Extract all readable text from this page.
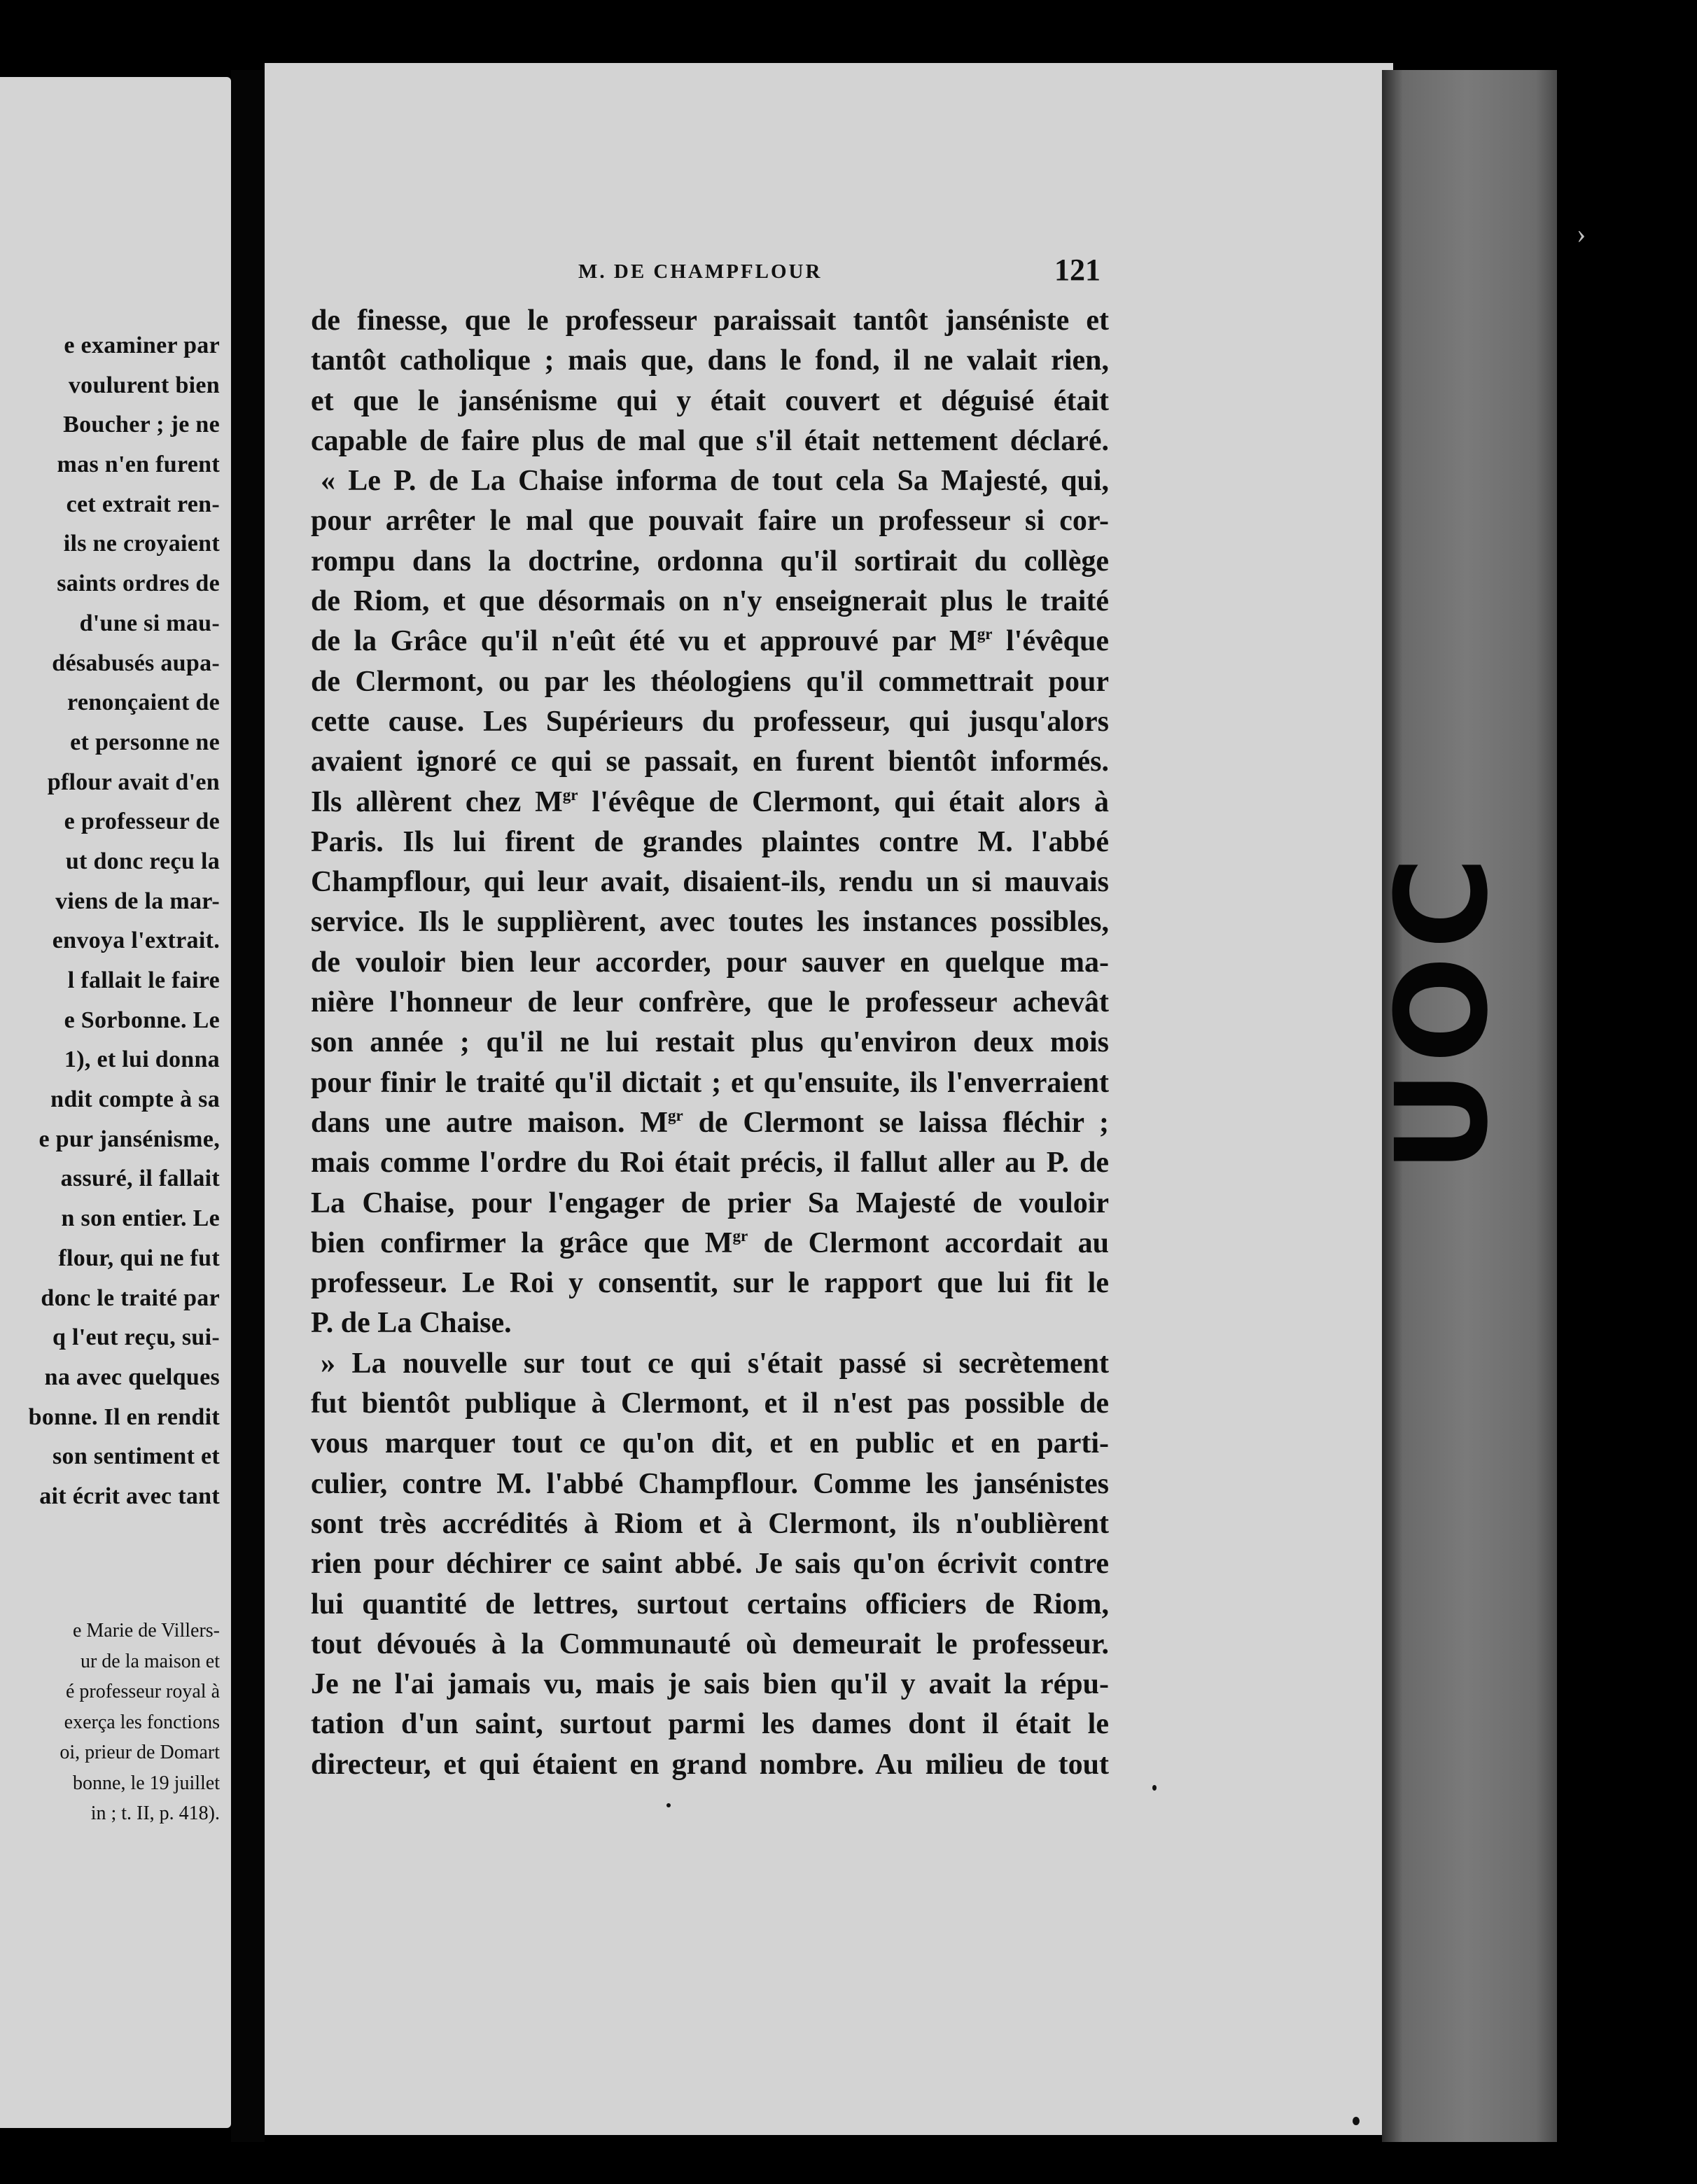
e examiner par
voulurent bien
Boucher ; je ne
mas n'en furent
cet extrait ren-
ils ne croyaient
saints ordres de
d'une si mau-
désabusés aupa-
renonçaient de
et personne ne
pflour avait d'en
e professeur de
ut donc reçu la
viens de la mar-
envoya l'extrait.
l fallait le faire
e Sorbonne. Le
1), et lui donna
ndit compte à sa
e pur jansénisme,
assuré, il fallait
n son entier. Le
flour, qui ne fut
donc le traité par
q l'eut reçu, sui-
na avec quelques
bonne. Il en rendit
son sentiment et
ait écrit avec tant
e Marie de Villers-
ur de la maison et
é professeur royal à
exerça les fonctions
oi, prieur de Domart
bonne, le 19 juillet
in ; t. II, p. 418).
M. DE CHAMPFLOUR	121
de finesse, que le professeur paraissait tantôt janséniste et
tantôt catholique ; mais que, dans le fond, il ne valait rien,
et que le jansénisme qui y était couvert et déguisé était
capable de faire plus de mal que s'il était nettement déclaré.
« Le P. de La Chaise informa de tout cela Sa Majesté, qui,
pour arrêter le mal que pouvait faire un professeur si cor-
rompu dans la doctrine, ordonna qu'il sortirait du collège
de Riom, et que désormais on n'y enseignerait plus le traité
de la Grâce qu'il n'eût été vu et approuvé par $M^{gr}$ l'évêque
de Clermont, ou par les théologiens qu'il commettrait pour
cette cause. Les Supérieurs du professeur, qui jusqu'alors
avaient ignoré ce qui se passait, en furent bientôt informés.
Ils allèrent chez $M^{gr}$ l'évêque de Clermont, qui était alors à
Paris. Ils lui firent de grandes plaintes contre M. l'abbé
Champflour, qui leur avait, disaient-ils, rendu un si mauvais
service. Ils le supplièrent, avec toutes les instances possibles,
de vouloir bien leur accorder, pour sauver en quelque ma-
nière l'honneur de leur confrère, que le professeur achevât
son année ; qu'il ne lui restait plus qu'environ deux mois
pour finir le traité qu'il dictait ; et qu'ensuite, ils l'enverraient
dans une autre maison. $M^{gr}$ de Clermont se laissa fléchir ;
mais comme l'ordre du Roi était précis, il fallut aller au P. de
La Chaise, pour l'engager de prier Sa Majesté de vouloir
bien confirmer la grâce que $M^{gr}$ de Clermont accordait au
professeur. Le Roi y consentit, sur le rapport que lui fit le
P. de La Chaise.
» La nouvelle sur tout ce qui s'était passé si secrètement
fut bientôt publique à Clermont, et il n'est pas possible de
vous marquer tout ce qu'on dit, et en public et en parti-
culier, contre M. l'abbé Champflour. Comme les jansénistes
sont très accrédités à Riom et à Clermont, ils n'oublièrent
rien pour déchirer ce saint abbé. Je sais qu'on écrivit contre
lui quantité de lettres, surtout certains officiers de Riom,
tout dévoués à la Communauté où demeurait le professeur.
Je ne l'ai jamais vu, mais je sais bien qu'il y avait la répu-
tation d'un saint, surtout parmi les dames dont il était le
directeur, et qui étaient en grand nombre. Au milieu de tout
UOC
›
